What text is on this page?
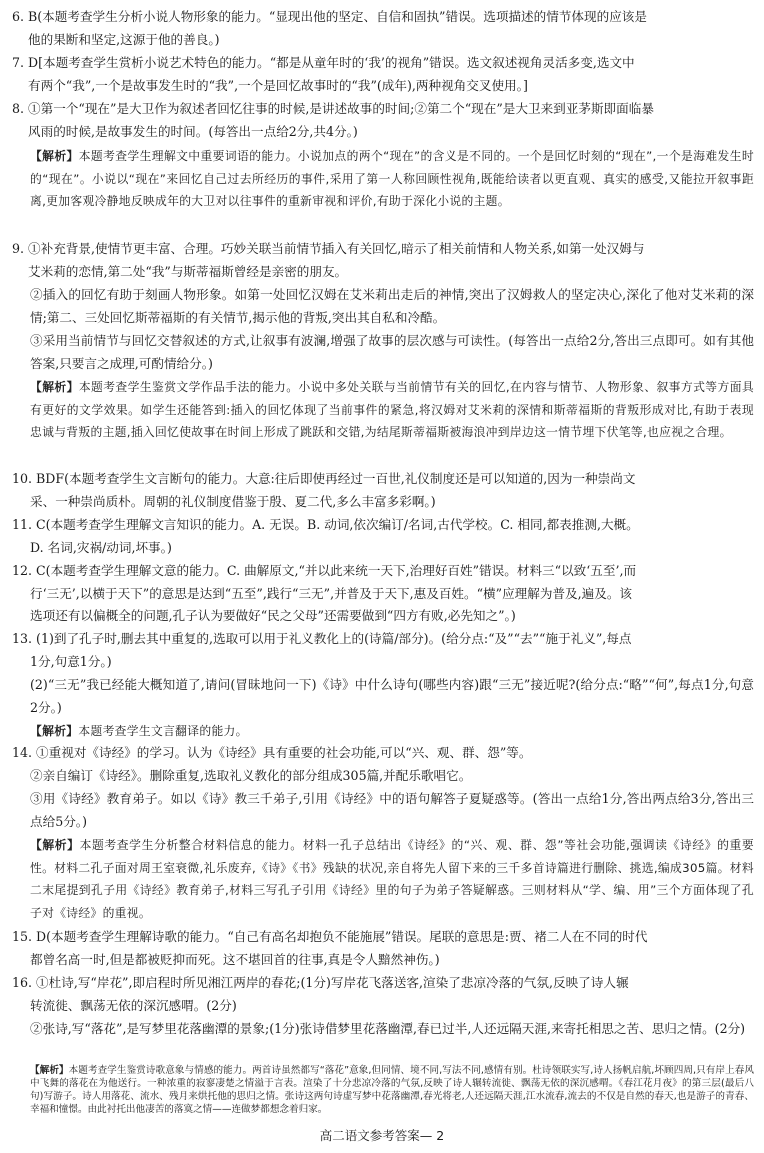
6. B(本题考查学生分析小说人物形象的能力。“显现出他的坚定、自信和固执”错误。选项描述的情节体现的应该是
他的果断和坚定,这源于他的善良。)
7. D[本题考查学生赏析小说艺术特色的能力。“都是从童年时的‘我’的视角”错误。选文叙述视角灵活多变,选文中
有两个“我”,一个是故事发生时的“我”,一个是回忆故事时的“我”(成年),两种视角交叉使用。]
8. ①第一个“现在”是大卫作为叙述者回忆往事的时候,是讲述故事的时间;②第二个“现在”是大卫来到亚茅斯即面临暴
风雨的时候,是故事发生的时间。(每答出一点给2分,共4分。)
【解析】本题考查学生理解文中重要词语的能力。小说加点的两个“现在”的含义是不同的。一个是回忆时刻的“现在”,一个是海难发生时的“现在”。小说以“现在”来回忆自己过去所经历的事件,采用了第一人称回顾性视角,既能给读者以更直观、真实的感受,又能拉开叙事距离,更加客观冷静地反映成年的大卫对以往事件的重新审视和评价,有助于深化小说的主题。
9. ①补充背景,使情节更丰富、合理。巧妙关联当前情节插入有关回忆,暗示了相关前情和人物关系,如第一处汉姆与
艾米莉的恋情,第二处“我”与斯蒂福斯曾经是亲密的朋友。
②插入的回忆有助于刻画人物形象。如第一处回忆汉姆在艾米莉出走后的神情,突出了汉姆救人的坚定决心,深化了他对艾米莉的深情;第二、三处回忆斯蒂福斯的有关情节,揭示他的背叛,突出其自私和冷酷。
③采用当前情节与回忆交替叙述的方式,让叙事有波澜,增强了故事的层次感与可读性。(每答出一点给2分,答出三点即可。如有其他答案,只要言之成理,可酌情给分。)
【解析】本题考查学生鉴赏文学作品手法的能力。小说中多处关联与当前情节有关的回忆,在内容与情节、人物形象、叙事方式等方面具有更好的文学效果。如学生还能答到:插入的回忆体现了当前事件的紧急,将汉姆对艾米莉的深情和斯蒂福斯的背叛形成对比,有助于表现忠诚与背叛的主题,插入回忆使故事在时间上形成了跳跃和交错,为结尾斯蒂福斯被海浪冲到岸边这一情节埋下伏笔等,也应视之合理。
10. BDF(本题考查学生文言断句的能力。大意:往后即使再经过一百世,礼仪制度还是可以知道的,因为一种崇尚文
采、一种崇尚质朴。周朝的礼仪制度借鉴于殷、夏二代,多么丰富多彩啊。)
11. C(本题考查学生理解文言知识的能力。A. 无误。B. 动词,依次编订/名词,古代学校。C. 相同,都表推测,大概。
D. 名词,灾祸/动词,坏事。)
12. C(本题考查学生理解文意的能力。C. 曲解原文,“并以此来统一天下,治理好百姓”错误。材料三“以致‘五至’,而
行‘三无’,以横于天下”的意思是达到“五至”,践行“三无”,并普及于天下,惠及百姓。“横”应理解为普及,遍及。该
选项还有以偏概全的问题,孔子认为要做好“民之父母”还需要做到“四方有败,必先知之”。)
13. (1)到了孔子时,删去其中重复的,选取可以用于礼义教化上的(诗篇/部分)。(给分点:“及”“去”“施于礼义”,每点
1分,句意1分。)
(2)“三无”我已经能大概知道了,请问(冒昧地问一下)《诗》中什么诗句(哪些内容)跟“三无”接近呢?(给分点:“略”“何”,每点1分,句意2分。)
【解析】本题考查学生文言翻译的能力。
14. ①重视对《诗经》的学习。认为《诗经》具有重要的社会功能,可以“兴、观、群、怨”等。
②亲自编订《诗经》。删除重复,选取礼义教化的部分组成305篇,并配乐歌唱它。
③用《诗经》教育弟子。如以《诗》教三千弟子,引用《诗经》中的语句解答子夏疑惑等。(答出一点给1分,答出两点给3分,答出三点给5分。)
【解析】本题考查学生分析整合材料信息的能力。材料一孔子总结出《诗经》的“兴、观、群、怨”等社会功能,强调读《诗经》的重要性。材料二孔子面对周王室衰微,礼乐废弃,《诗》《书》残缺的状况,亲自将先人留下来的三千多首诗篇进行删除、挑选,编成305篇。材料二末尾提到孔子用《诗经》教育弟子,材料三写孔子引用《诗经》里的句子为弟子答疑解惑。三则材料从“学、编、用”三个方面体现了孔子对《诗经》的重视。
15. D(本题考查学生理解诗歌的能力。“自己有高名却抱负不能施展”错误。尾联的意思是:贾、褚二人在不同的时代
都曾名高一时,但是都被贬抑而死。这不堪回首的往事,真是令人黯然神伤。)
16. ①杜诗,写“岸花”,即启程时所见湘江两岸的春花;(1分)写岸花飞落送客,渲染了悲凉冷落的气氛,反映了诗人辗
转流徙、飘荡无依的深沉感喟。(2分)
②张诗,写“落花”,是写梦里花落幽潭的景象;(1分)张诗借梦里花落幽潭,春已过半,人还远隔天涯,来寄托相思之苦、思归之情。(2分)
【解析】本题考查学生鉴赏诗歌意象与情感的能力。两首诗虽然都写“落花”意象,但同情、境不同,写法不同,感情有别。杜诗领联实写,诗人扬帆启航,坏顾四周,只有岸上春风中飞舞的落花在为他送行。一种浓重的寂寥凄楚之情溢于言表。渲染了十分悲凉冷落的气氛,反映了诗人辗转流徙、飘荡无依的深沉感喟。《春江花月夜》的第三层(最后八句)写游子。诗人用落花、流水、残月来烘托他的思归之情。张诗这两句诗虚写梦中花落幽潭,春光将老,人还远隔天涯,江水流春,流去的不仅是自然的春天,也是游子的青春、幸福和憧憬。由此衬托出他凄苦的落寞之情——连做梦都想念着归家。
高二语文参考答案— 2
